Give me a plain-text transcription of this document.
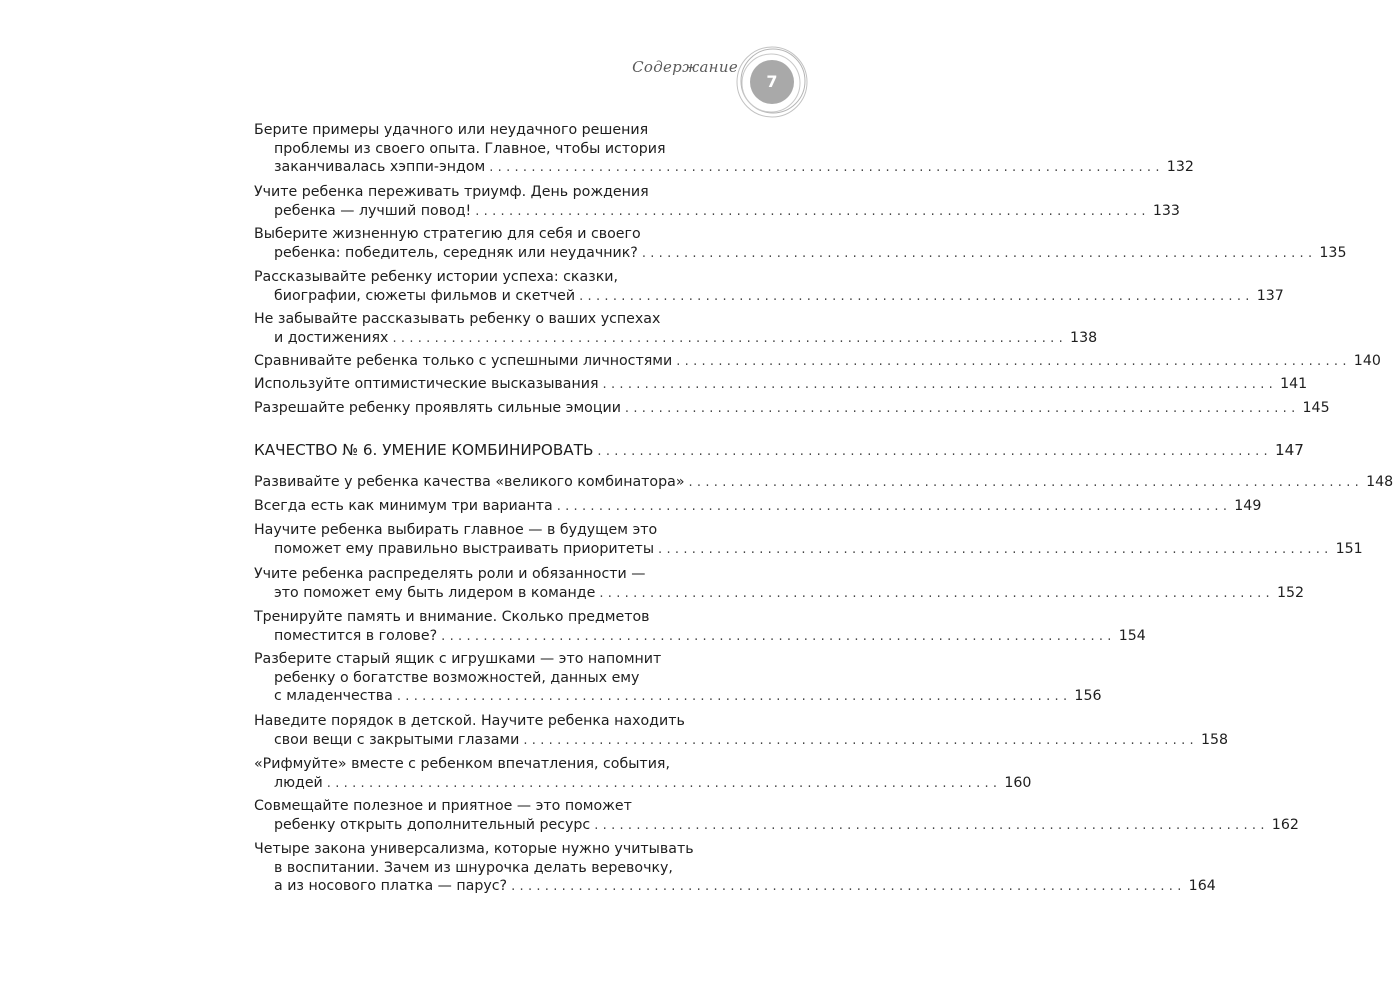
Содержание
7
Берите примеры удачного или неудачного решения
проблемы из своего опыта. Главное, чтобы история
заканчивалась хэппи-эндом ................................................................................ 132
Учите ребенка переживать триумф. День рождения
ребенка — лучший повод! ................................................................................ 133
Выберите жизненную стратегию для себя и своего
ребенка: победитель, середняк или неудачник? ................................................................................ 135
Рассказывайте ребенку истории успеха: сказки,
биографии, сюжеты фильмов и скетчей ................................................................................ 137
Не забывайте рассказывать ребенку о ваших успехах
и достижениях ................................................................................ 138
Сравнивайте ребенка только с успешными личностями ................................................................................ 140
Используйте оптимистические высказывания ................................................................................ 141
Разрешайте ребенку проявлять сильные эмоции ................................................................................ 145
КАЧЕСТВО № 6. УМЕНИЕ КОМБИНИРОВАТЬ ................................................................................ 147
Развивайте у ребенка качества «великого комбинатора» ................................................................................ 148
Всегда есть как минимум три варианта ................................................................................ 149
Научите ребенка выбирать главное — в будущем это
поможет ему правильно выстраивать приоритеты ................................................................................ 151
Учите ребенка распределять роли и обязанности —
это поможет ему быть лидером в команде ................................................................................ 152
Тренируйте память и внимание. Сколько предметов
поместится в голове? ................................................................................ 154
Разберите старый ящик с игрушками — это напомнит
ребенку о богатстве возможностей, данных ему
с младенчества ................................................................................ 156
Наведите порядок в детской. Научите ребенка находить
свои вещи с закрытыми глазами ................................................................................ 158
«Рифмуйте» вместе с ребенком впечатления, события,
людей ................................................................................ 160
Совмещайте полезное и приятное — это поможет
ребенку открыть дополнительный ресурс ................................................................................ 162
Четыре закона универсализма, которые нужно учитывать
в воспитании. Зачем из шнурочка делать веревочку,
а из носового платка — парус? ................................................................................ 164
